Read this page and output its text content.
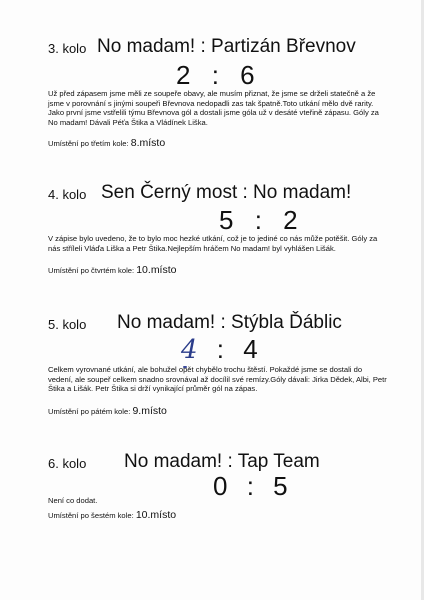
3. kolo No madam! : Partizán Břevnov
2 : 6

Už před zápasem jsme měli ze soupeře obavy, ale musím přiznat, že jsme se drželi statečně a že jsme v porovnání s jinými soupeři Břevnova nedopadli zas tak špatně.Toto utkání mělo dvě rarity. Jako první jsme vstřelili týmu Břevnova gól a dostali jsme góla už v desáté vteřině zápasu. Góly za No madam! Dávali Péťa Štika a Vládínek Liška.

Umístění po třetím kole: 8.místo
4. kolo Sen Černý most : No madam!
5 : 2

V zápise bylo uvedeno, že to bylo moc hezké utkání, což je to jediné co nás může potěšit. Góly za nás stříleli Vláďa Liška a Petr Štika.Nejlepším hráčem No madam! byl vyhlášen Lišák.

Umístění po čtvrtém kole: 10.místo
5. kolo No madam! : Stýbla Ďáblic
4 : 4

Celkem vyrovnané utkání, ale bohužel opět chybělo trochu štěstí. Pokaždé jsme se dostali do vedení, ale soupeř celkem snadno srovnával až docílil své remízy.Góly dávali: Jirka Dědek, Albi, Petr Štika a Lišák. Petr Štika si drží vynikající průměr gól na zápas.

Umístění po pátém kole: 9.místo
6. kolo No madam! : Tap Team
0 : 5

Není co dodat.

Umístění po šestém kole: 10.místo
